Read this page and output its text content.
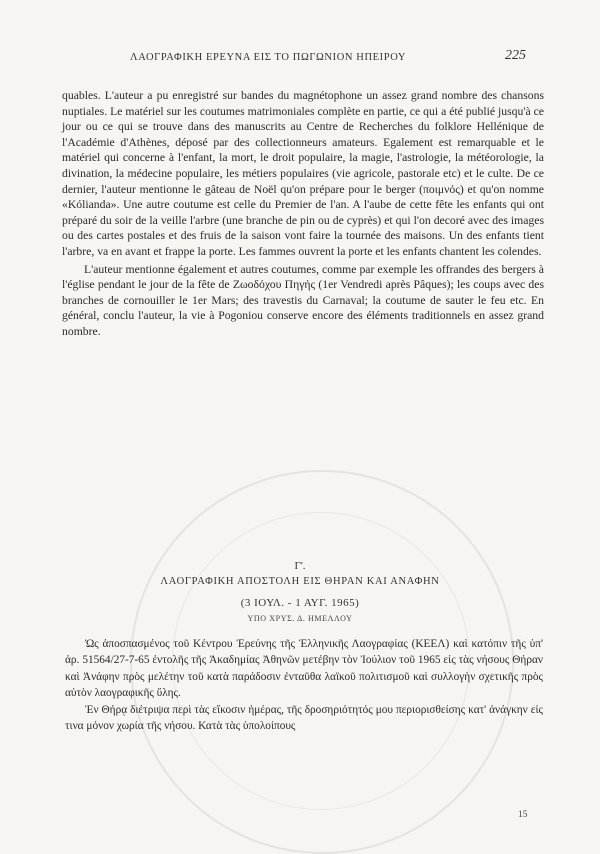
ΛΑΟΓΡΑΦΙΚΗ ΕΡΕΥΝΑ ΕΙΣ ΤΟ ΠΩΓΩΝΙΟΝ ΗΠΕΙΡΟΥ	225

quables. L'auteur a pu enregistré sur bandes du magnétophone un assez grand nombre des chansons nuptiales. Le matériel sur les coutumes matrimoniales complète en partie, ce qui a été publié jusqu'à ce jour ou ce qui se trouve dans des manuscrits au Centre de Recherches du folklore Hellénique de l'Académie d'Athènes, déposé par des collectionneurs amateurs. Egalement est remarquable et le matériel qui concerne à l'enfant, la mort, le droit populaire, la magie, l'astrologie, la météorologie, la divination, la médecine populaire, les métiers populaires (vie agricole, pastorale etc) et le culte. De ce dernier, l'auteur mentionne le gâteau de Noël qu'on prépare pour le berger (ποιμνός) et qu'on nomme «Kólianda». Une autre coutume est celle du Premier de l'an. A l'aube de cette fête les enfants qui ont préparé du soir de la veille l'arbre (une branche de pin ou de cyprès) et qui l'on decoré avec des images ou des cartes postales et des fruis de la saison vont faire la tournée des maisons. Un des enfants tient l'arbre, va en avant et frappe la porte. Les fammes ouvrent la porte et les enfants chantent les colendes.

L'auteur mentionne également et autres coutumes, comme par exemple les offrandes des bergers à l'église pendant le jour de la fête de Ζωοδόχου Πηγής (1er Vendredi après Pâques); les coups avec des branches de cornouiller le 1er Mars; des travestis du Carnaval; la coutume de sauter le feu etc. En général, conclu l'auteur, la vie à Pogoniou conserve encore des éléments traditionnels en assez grand nombre.

Γ'.
ΛΑΟΓΡΑΦΙΚΗ ΑΠΟΣΤΟΛΗ ΕΙΣ ΘΗΡΑΝ ΚΑΙ ΑΝΑΦΗΝ
(3 ΙΟΥΛ. - 1 ΑΥΓ. 1965)
ΥΠΟ ΧΡΥΣ. Δ. ΗΜΕΛΛΟΥ

Ὡς ἀποσπασμένος τοῦ Κέντρου Ἐρεύνης τῆς Ἑλληνικῆς Λαογραφίας (ΚΕΕΛ) καὶ κατόπιν τῆς ὑπ' ἀρ. 51564/27-7-65 ἐντολῆς τῆς Ἀκαδημίας Ἀθηνῶν μετέβην τὸν Ἰούλιον τοῦ 1965 εἰς τὰς νήσους Θήραν καὶ Ἀνάφην πρὸς μελέτην τοῦ κατὰ παράδοσιν ἐνταῦθα λαϊκοῦ πολιτισμοῦ καὶ συλλογὴν σχετικῆς πρὸς αὐτὸν λαογραφικῆς ὕλης.

Ἐν Θήρᾳ διέτριψα περὶ τὰς εἴκοσιν ἡμέρας, τῆς δροσηριότητός μου περιορισθείσης κατ' ἀνάγκην εἰς τινα μόνον χωρία τῆς νήσου. Κατὰ τὰς ὑπολοίπους

15
